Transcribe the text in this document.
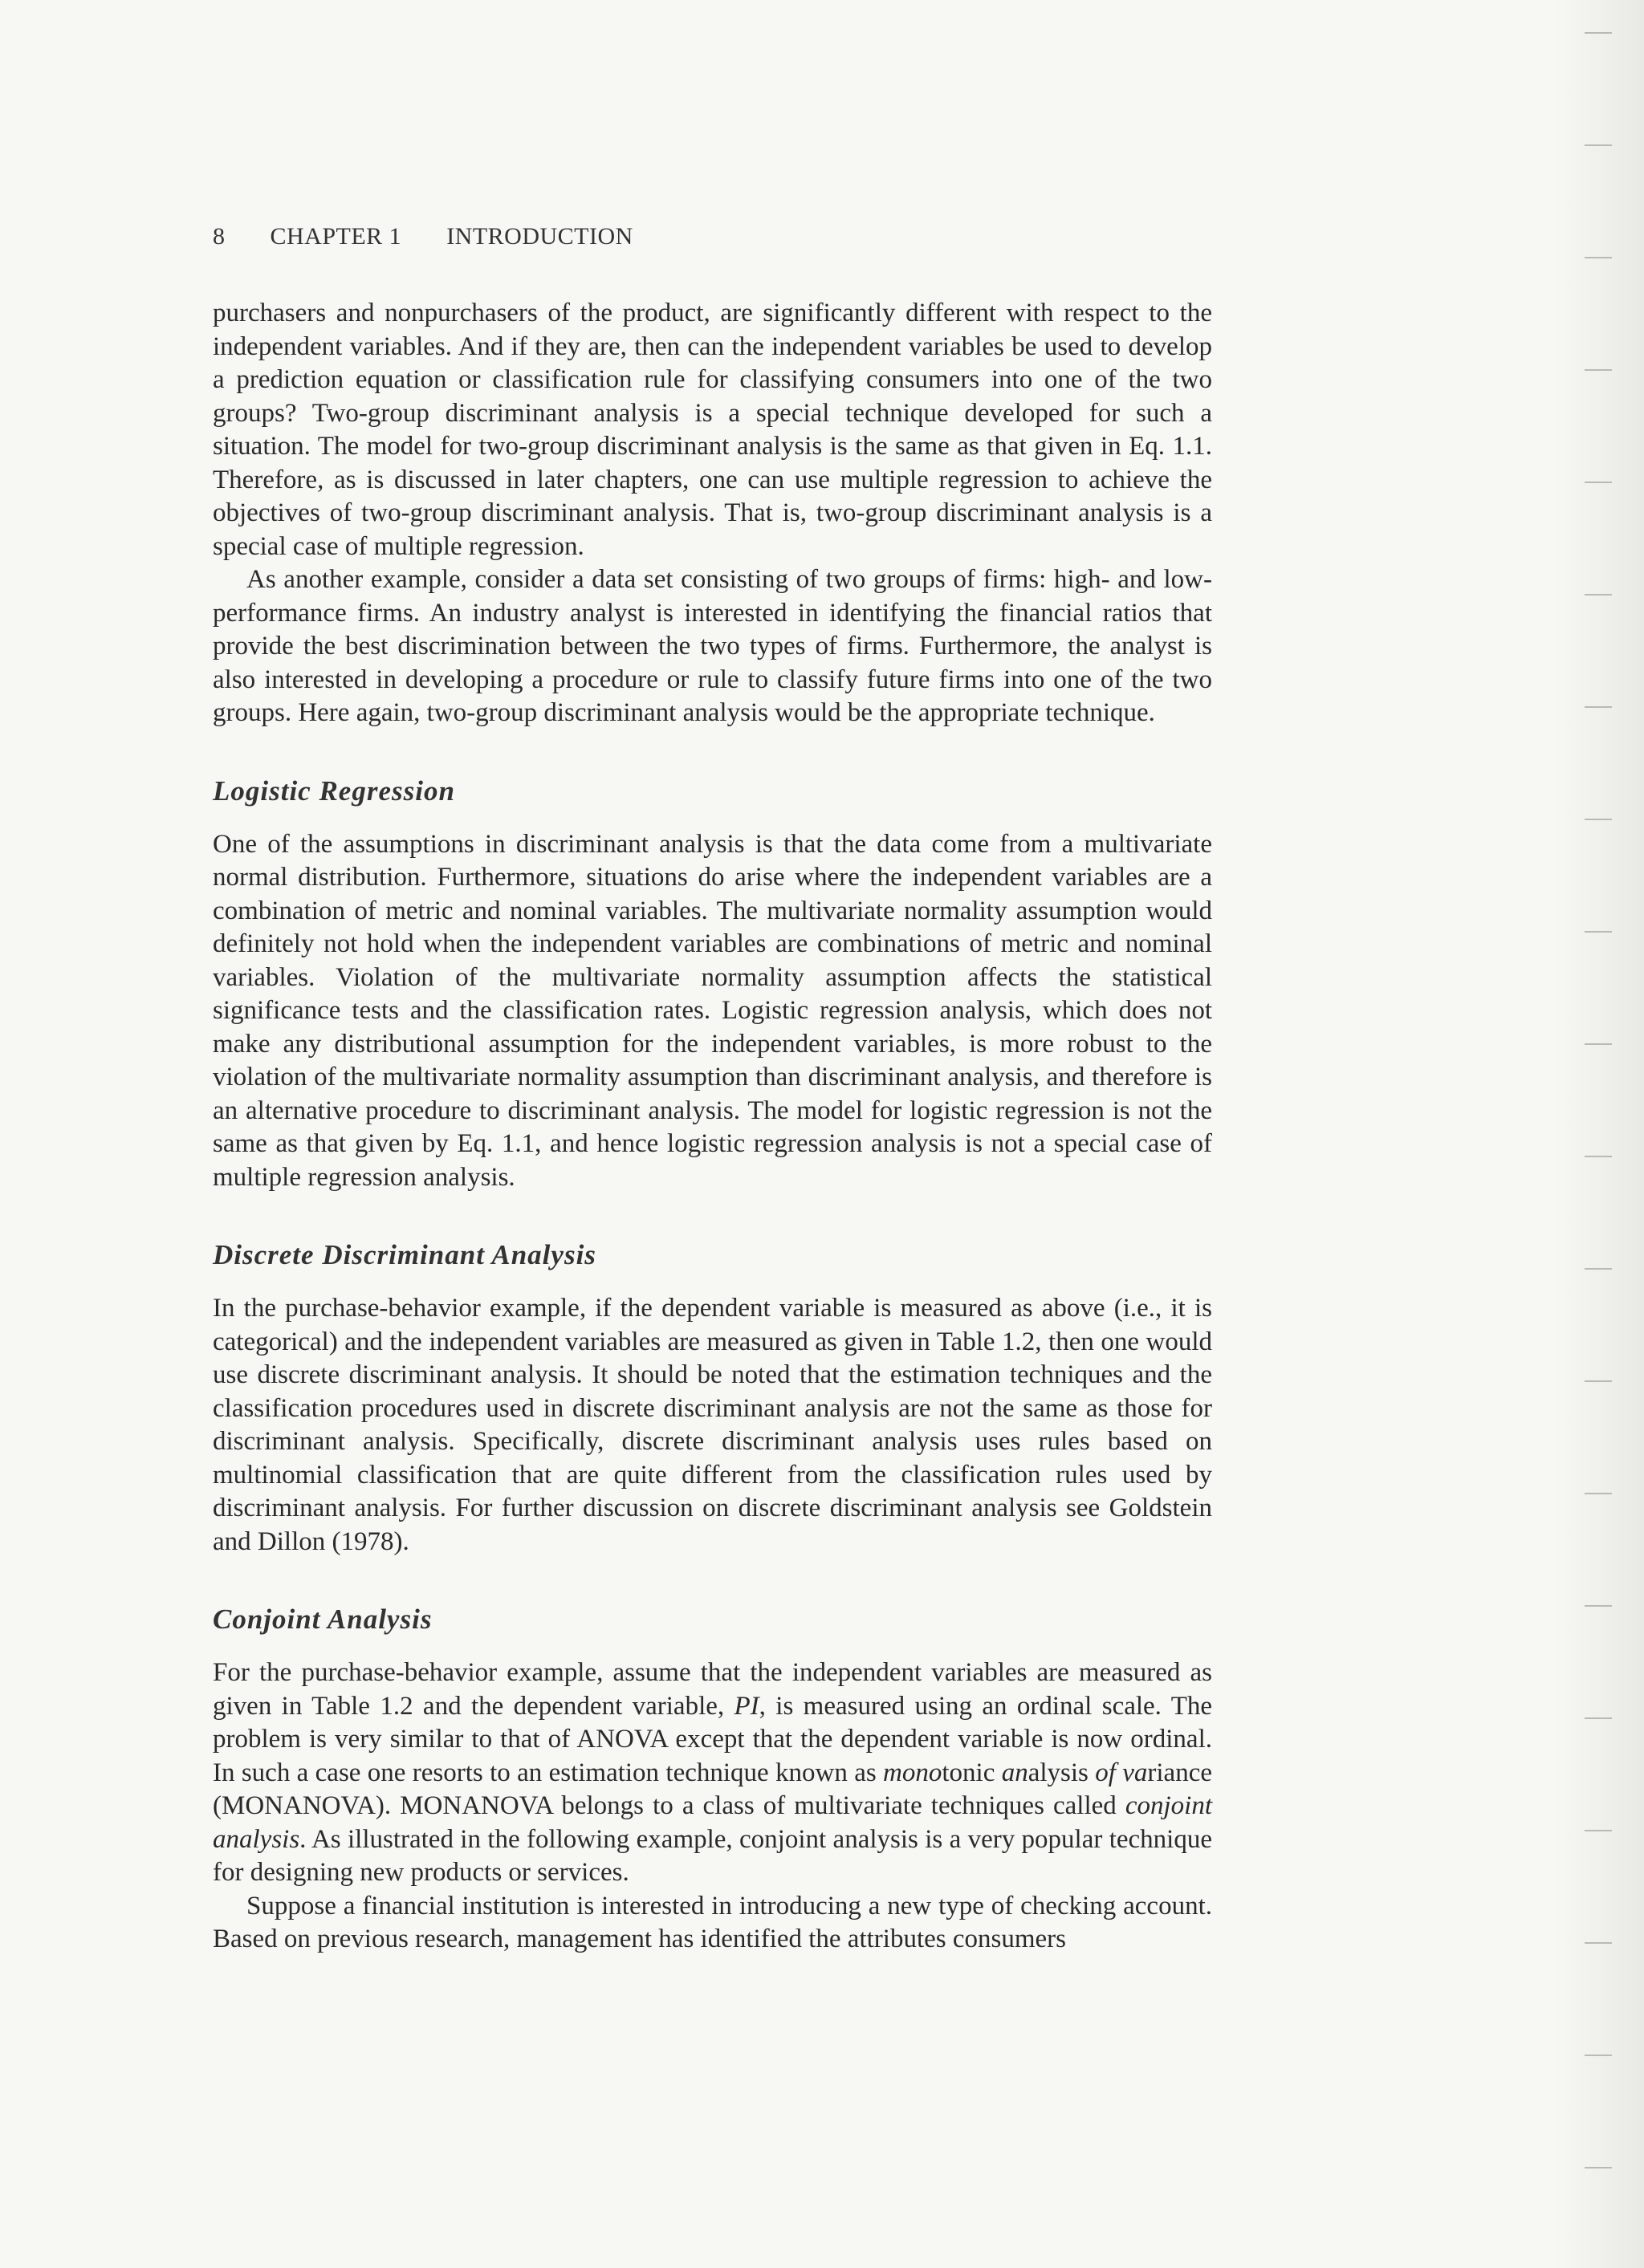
8 CHAPTER 1 INTRODUCTION

purchasers and nonpurchasers of the product, are significantly different with respect to the independent variables. And if they are, then can the independent variables be used to develop a prediction equation or classification rule for classifying consumers into one of the two groups? Two-group discriminant analysis is a special technique developed for such a situation. The model for two-group discriminant analysis is the same as that given in Eq. 1.1. Therefore, as is discussed in later chapters, one can use multiple regression to achieve the objectives of two-group discriminant analysis. That is, two-group discriminant analysis is a special case of multiple regression.

As another example, consider a data set consisting of two groups of firms: high- and low-performance firms. An industry analyst is interested in identifying the financial ratios that provide the best discrimination between the two types of firms. Furthermore, the analyst is also interested in developing a procedure or rule to classify future firms into one of the two groups. Here again, two-group discriminant analysis would be the appropriate technique.

Logistic Regression

One of the assumptions in discriminant analysis is that the data come from a multivariate normal distribution. Furthermore, situations do arise where the independent variables are a combination of metric and nominal variables. The multivariate normality assumption would definitely not hold when the independent variables are combinations of metric and nominal variables. Violation of the multivariate normality assumption affects the statistical significance tests and the classification rates. Logistic regression analysis, which does not make any distributional assumption for the independent variables, is more robust to the violation of the multivariate normality assumption than discriminant analysis, and therefore is an alternative procedure to discriminant analysis. The model for logistic regression is not the same as that given by Eq. 1.1, and hence logistic regression analysis is not a special case of multiple regression analysis.

Discrete Discriminant Analysis

In the purchase-behavior example, if the dependent variable is measured as above (i.e., it is categorical) and the independent variables are measured as given in Table 1.2, then one would use discrete discriminant analysis. It should be noted that the estimation techniques and the classification procedures used in discrete discriminant analysis are not the same as those for discriminant analysis. Specifically, discrete discriminant analysis uses rules based on multinomial classification that are quite different from the classification rules used by discriminant analysis. For further discussion on discrete discriminant analysis see Goldstein and Dillon (1978).

Conjoint Analysis

For the purchase-behavior example, assume that the independent variables are measured as given in Table 1.2 and the dependent variable, PI, is measured using an ordinal scale. The problem is very similar to that of ANOVA except that the dependent variable is now ordinal. In such a case one resorts to an estimation technique known as monotonic analysis of variance (MONANOVA). MONANOVA belongs to a class of multivariate techniques called conjoint analysis. As illustrated in the following example, conjoint analysis is a very popular technique for designing new products or services.

Suppose a financial institution is interested in introducing a new type of checking account. Based on previous research, management has identified the attributes consumers
